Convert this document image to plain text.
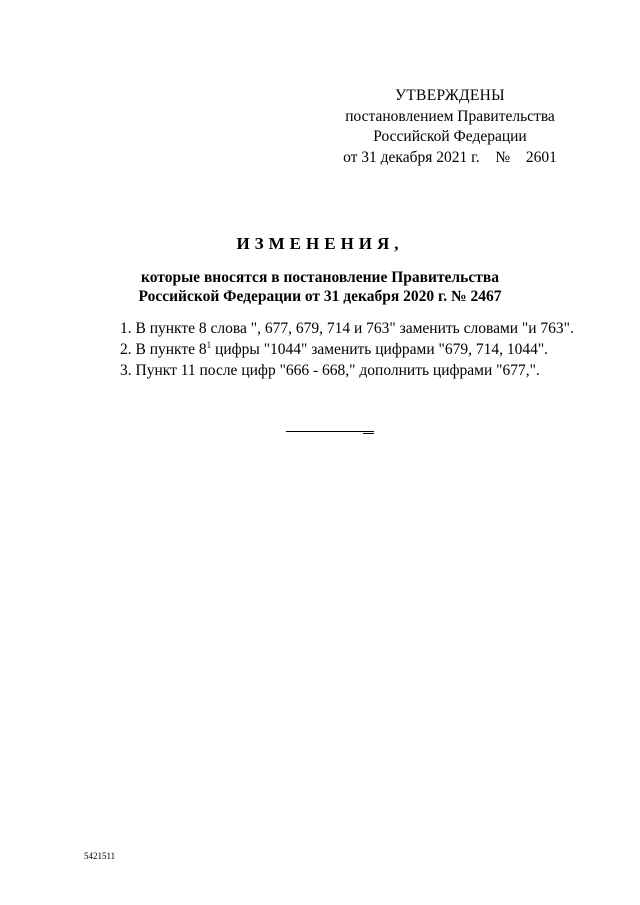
УТВЕРЖДЕНЫ
постановлением Правительства
Российской Федерации
от 31 декабря 2021 г. № 2601
ИЗМЕНЕНИЯ,
которые вносятся в постановление Правительства
Российской Федерации от 31 декабря 2020 г. № 2467
1. В пункте 8 слова ", 677, 679, 714 и 763" заменить словами "и 763".
2. В пункте $8^1$ цифры "1044" заменить цифрами "679, 714, 1044".
3. Пункт 11 после цифр "666 - 668," дополнить цифрами "677,".
5421511
